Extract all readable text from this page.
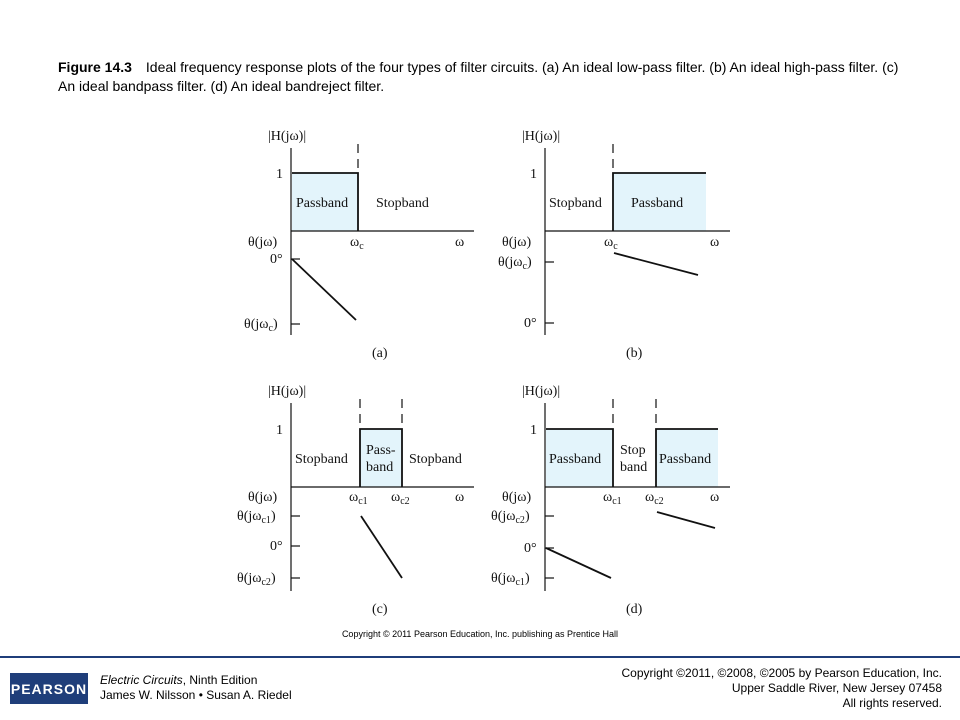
Figure 14.3 Ideal frequency response plots of the four types of filter circuits. (a) An ideal low-pass filter. (b) An ideal high-pass filter. (c) An ideal bandpass filter. (d) An ideal bandreject filter.
|H(jω)|
1
Passband Stopband
θ(jω)	ωc	ω
0°
θ(jωc)
(a)
|H(jω)|
1
Stopband Passband
θ(jω)	ωc	ω
θ(jωc)
0°
(b)
|H(jω)|
1
Stopband
Pass-
band
Stopband
θ(jω)	ωc1 ωc2	ω
θ(jωc1)
0°
θ(jωc2)
(c)
|H(jω)|
1
Passband
Stop
band
Passband
θ(jω)	ωc1 ωc2	ω
θ(jωc2)
0°
θ(jωc1)
(d)
Copyright © 2011 Pearson Education, Inc. publishing as Prentice Hall
PEARSON
Electric Circuits, Ninth Edition
James W. Nilsson • Susan A. Riedel
Copyright ©2011, ©2008, ©2005 by Pearson Education, Inc.
Upper Saddle River, New Jersey 07458
All rights reserved.
